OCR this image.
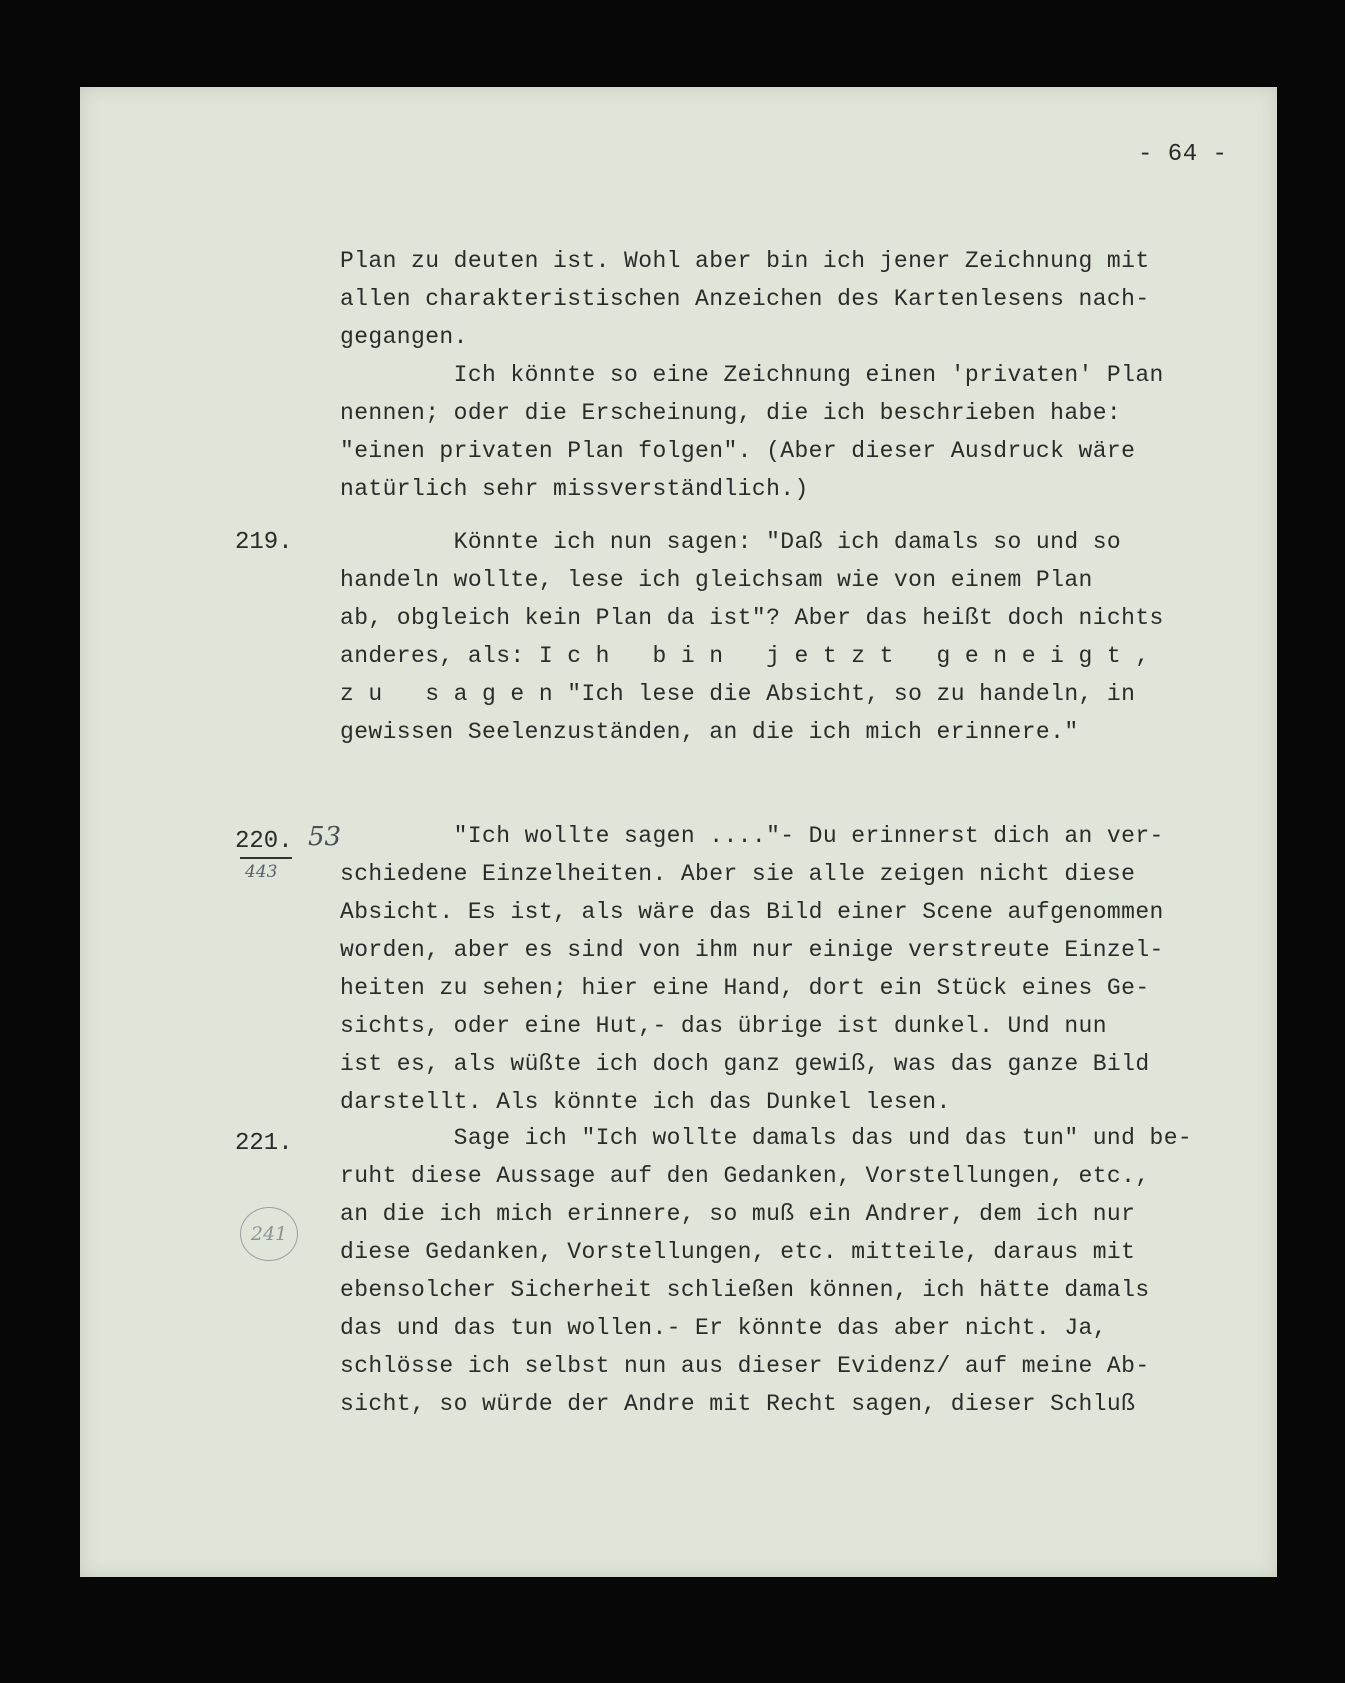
- 64 -
Plan zu deuten ist. Wohl aber bin ich jener Zeichnung mit
allen charakteristischen Anzeichen des Kartenlesens nach-
gegangen.
Ich könnte so eine Zeichnung einen 'privaten' Plan
nennen; oder die Erscheinung, die ich beschrieben habe:
"einen privaten Plan folgen". (Aber dieser Ausdruck wäre
natürlich sehr missverständlich.)
219. Könnte ich nun sagen: "Daß ich damals so und so
handeln wollte, lese ich gleichsam wie von einem Plan
ab, obgleich kein Plan da ist"? Aber das heißt doch nichts
anderes, als: I c h   b i n   j e t z t   g e n e i g t ,
z u   s a g e n "Ich lese die Absicht, so zu handeln, in
gewissen Seelenzuständen, an die ich mich erinnere."
220. 53
443
"Ich wollte sagen ...."- Du erinnerst dich an ver-
schiedene Einzelheiten. Aber sie alle zeigen nicht diese
Absicht. Es ist, als wäre das Bild einer Scene aufgenommen
worden, aber es sind von ihm nur einige verstreute Einzel-
heiten zu sehen; hier eine Hand, dort ein Stück eines Ge-
sichts, oder eine Hut,- das übrige ist dunkel. Und nun
ist es, als wüßte ich doch ganz gewiß, was das ganze Bild
darstellt. Als könnte ich das Dunkel lesen.
221.
241
Sage ich "Ich wollte damals das und das tun" und be-
ruht diese Aussage auf den Gedanken, Vorstellungen, etc.,
an die ich mich erinnere, so muß ein Andrer, dem ich nur
diese Gedanken, Vorstellungen, etc. mitteile, daraus mit
ebensolcher Sicherheit schließen können, ich hätte damals
das und das tun wollen.- Er könnte das aber nicht. Ja,
schlösse ich selbst nun aus dieser Evidenz/ auf meine Ab-
sicht, so würde der Andre mit Recht sagen, dieser Schluß
